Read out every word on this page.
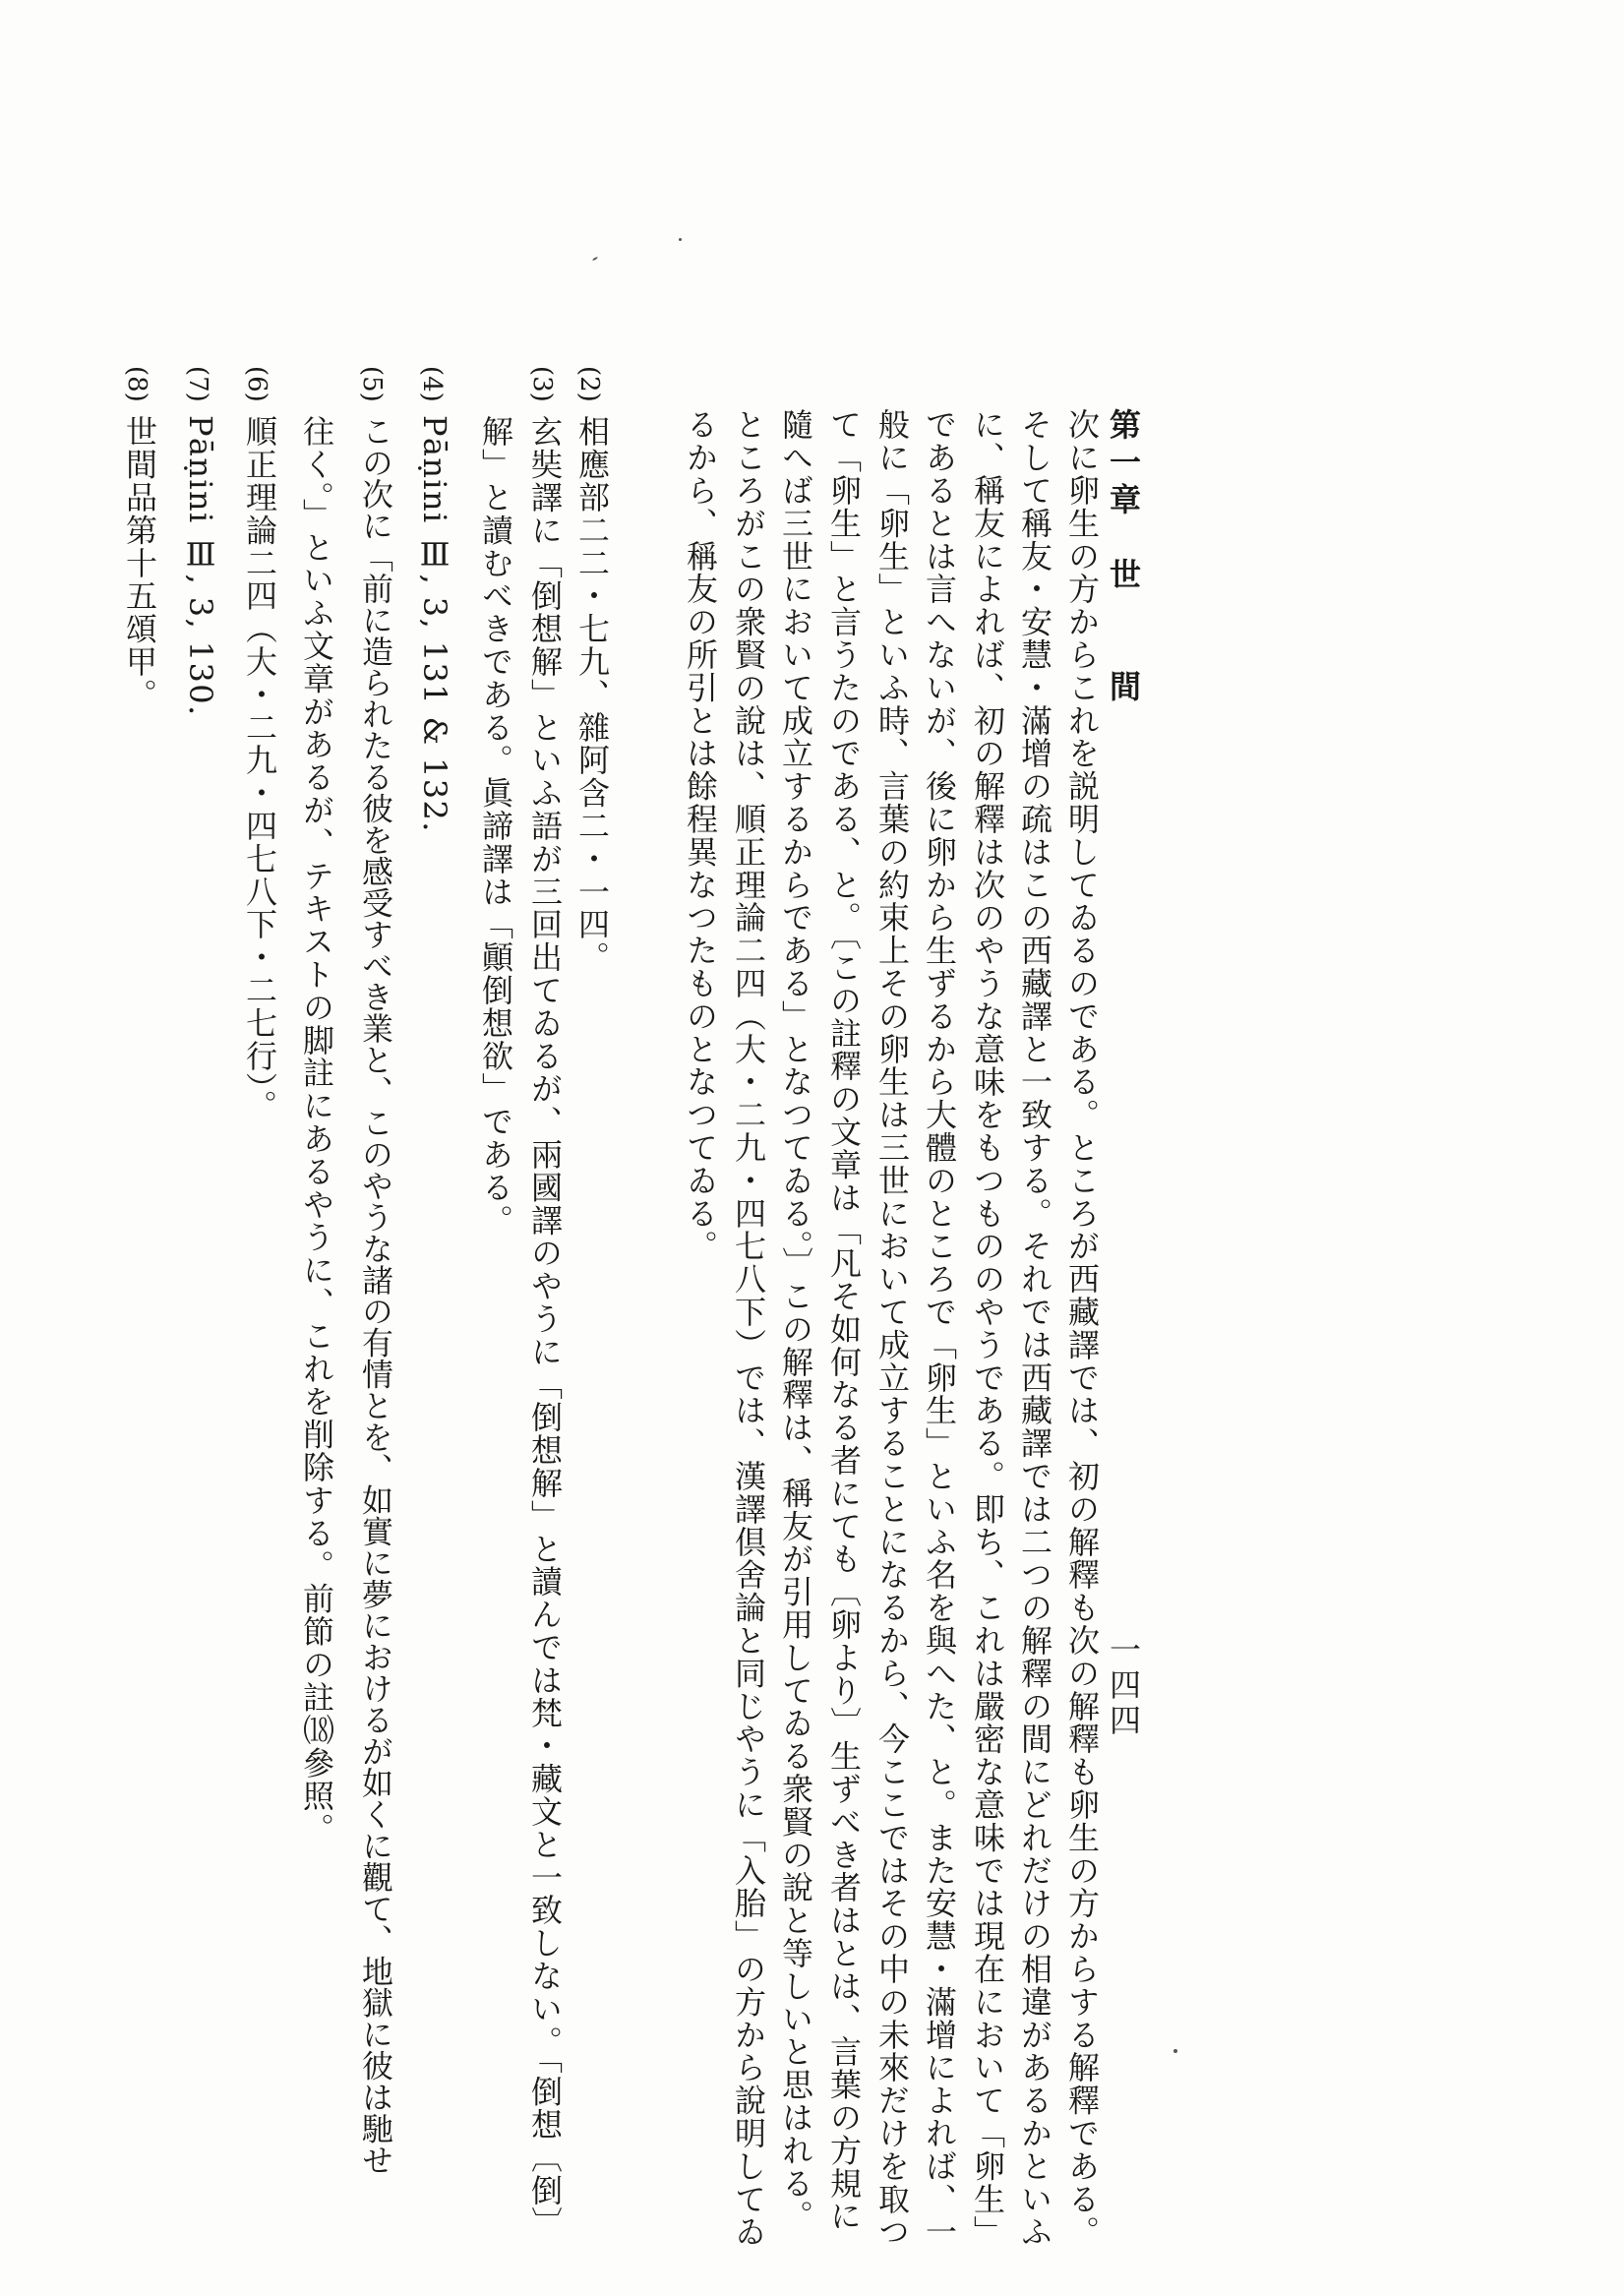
第一章　世　　間
一四四
次に卵生の方からこれを説明してゐるのである。ところが西藏譯では、初の解釋も次の解釋も卵生の方からする解釋である。
そして稱友・安慧・滿增の疏はこの西藏譯と一致する。それでは西藏譯では二つの解釋の間にどれだけの相違があるかといふ
に、稱友によれば、初の解釋は次のやうな意味をもつもののやうである。即ち、これは嚴密な意味では現在において「卵生」
であるとは言へないが、後に卵から生ずるから大體のところで「卵生」といふ名を與へた、と。また安慧・滿增によれば、一
般に「卵生」といふ時、言葉の約束上その卵生は三世において成立することになるから、今ここではその中の未來だけを取つ
て「卵生」と言うたのである、と。〔この註釋の文章は「凡そ如何なる者にても〔卵より〕生ずべき者はとは、言葉の方規に
隨へば三世において成立するからである」となつてゐる。〕この解釋は、稱友が引用してゐる衆賢の說と等しいと思はれる。
ところがこの衆賢の說は、順正理論二四（大・二九・四七八下）では、漢譯倶舍論と同じやうに「入胎」の方から說明してゐ
るから、稱友の所引とは餘程異なつたものとなつてゐる。
(2)
(3)
(4)
(5)
(6)
(7)
(8)
相應部二二・七九、雜阿含二・一四。
玄奘譯に「倒想解」といふ語が三回出てゐるが、兩國譯のやうに「倒想解」と讀んでは梵・藏文と一致しない。「倒想〔倒〕
解」と讀むべきである。眞諦譯は「顚倒想欲」である。
Pāṇini Ⅲ, 3, 131 & 132.
この次に「前に造られたる彼を感受すべき業と、このやうな諸の有情とを、如實に夢におけるが如くに觀て、地獄に彼は馳せ
往く。」といふ文章があるが、テキストの脚註にあるやうに、これを削除する。前節の註⒅參照。
順正理論二四（大・二九・四七八下・二七行）。
Pāṇini Ⅲ, 3, 130.
世間品第十五頌甲。
